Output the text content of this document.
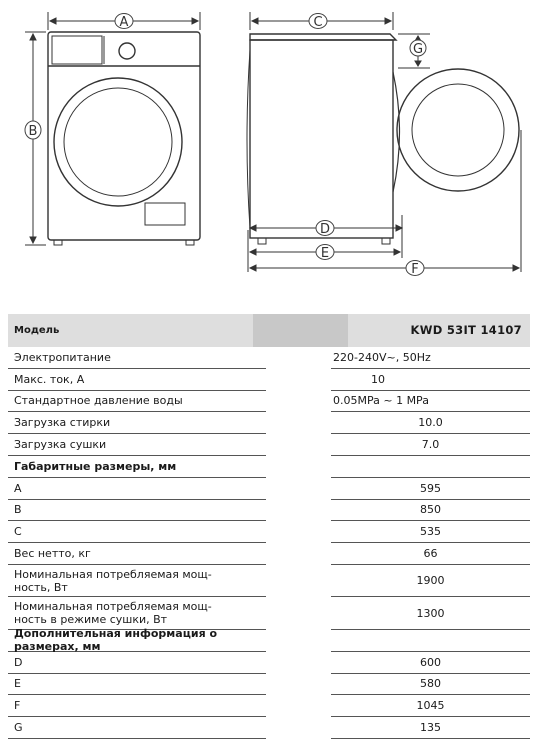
A
B
C
G
D
E
F
Модель	KWD 53IT 14107
Электропитание	220-240V~, 50Hz
Макс. ток, А	10
Стандартное давление воды	0.05MPa ~ 1 MPa
Загрузка стирки	10.0
Загрузка сушки	7.0
Габаритные размеры, мм
A	595
B	850
C	535
Вес нетто, кг	66
Номинальная потребляемая мощ-
ность, Вт	1900
Номинальная потребляемая мощ-
ность в режиме сушки, Вт	1300
Дополнительная информация о размерах, мм
D	600
E	580
F	1045
G	135
